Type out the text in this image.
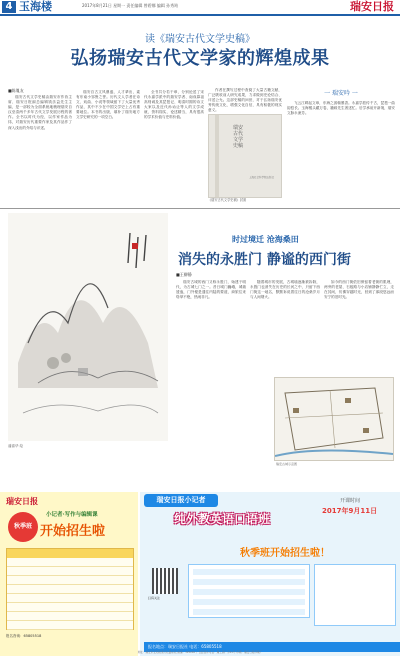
4 玉海楼	2017年8月21日 星期一 责任编辑 曾碧娜 编辑 孙秀筠	瑞安日报
读《瑞安古代文学史稿》
弘扬瑞安古代文学家的辉煌成果
■陈胤友

瑞安古代文学史稿由瑞安市作协主席、瑞安日报副总编辑钱乐益先生主编，是一部较为全面系统地梳理瑞安自汉至清两千多年古代文学发展历程的著作。全书以时代为经，以作家作品为纬，对瑞安历代重要作家及其作品作了深入浅出的介绍与评述。

瑞安自古文风鼎盛，人才辈出，素有东南小邹鲁之誉。历代文人学者在诗文、戏曲、小说等领域留下了大量优秀作品，其中不少在中国文学史上占有重要地位。本书的出版，填补了瑞安地方文学史研究的一项空白。

全书共分若干章，分别论述了宋代永嘉学派中的瑞安学者、南戏鼻祖高则诚及其琵琶记、明清时期的诗文大家以及近代孙诒让等人的文学成就，资料翔实，论述精当，具有很高的学术价值与史料价值。

作者在撰写过程中查阅了大量古籍文献，广泛吸收前人研究成果，力求做到史论结合、评述公允。这部史稿的问世，对于弘扬瑞安优秀传统文化、增强文化自信，具有积极的现实意义。

瑞安古代文学史稿
上海社会科学院出版社
《瑞安古代文学史稿》封面
一 瑞安吟 一

飞云江畔起文章，东海之滨翰墨香。永嘉学派传千古，琵琶一曲韵悠长。玉海楼头藏万卷，籀庼先生著述忙。后学承前开新境，瑞安文脉永流芳。

潘嘉华 绘
时过境迁 沧海桑田
消失的永胜门 静谧的西门街
■王柳静

瑞安古城的西门又称永胜门，始建于明代，为古城七门之一。昔日城门巍峨，城墙逶迤，门外便是通往内陆的要道，商旅往来络绎不绝，热闹非凡。

随着城市的发展，古城墙逐渐被拆除，永胜门也消失在历史的长河之中，只留下西门街这一地名，默默诉说着往日的沧桑岁月与人间烟火。

如今的西门街依旧保留着老街的肌理，两旁的老屋、石板路与小店铺静静伫立，走在其间，仿佛穿越时光，回到了那段悠远而安宁的旧时光。

瑞安古城示意图
瑞安日报
小记者·写作与编辑课
秋季班 开始招生啦
报名咨询：65805518
瑞安日报小记者	开课时间
2017年9月11日
纯外教英语口语班
秋季班开始招生啦！
扫码关注
报名地点：瑞安日报社 电话：65805518
地址：瑞安市安阳街道万松路东段 邮编：325200 广告经营许可证：瑞工商广字01号 印刷：瑞安日报印刷厂
